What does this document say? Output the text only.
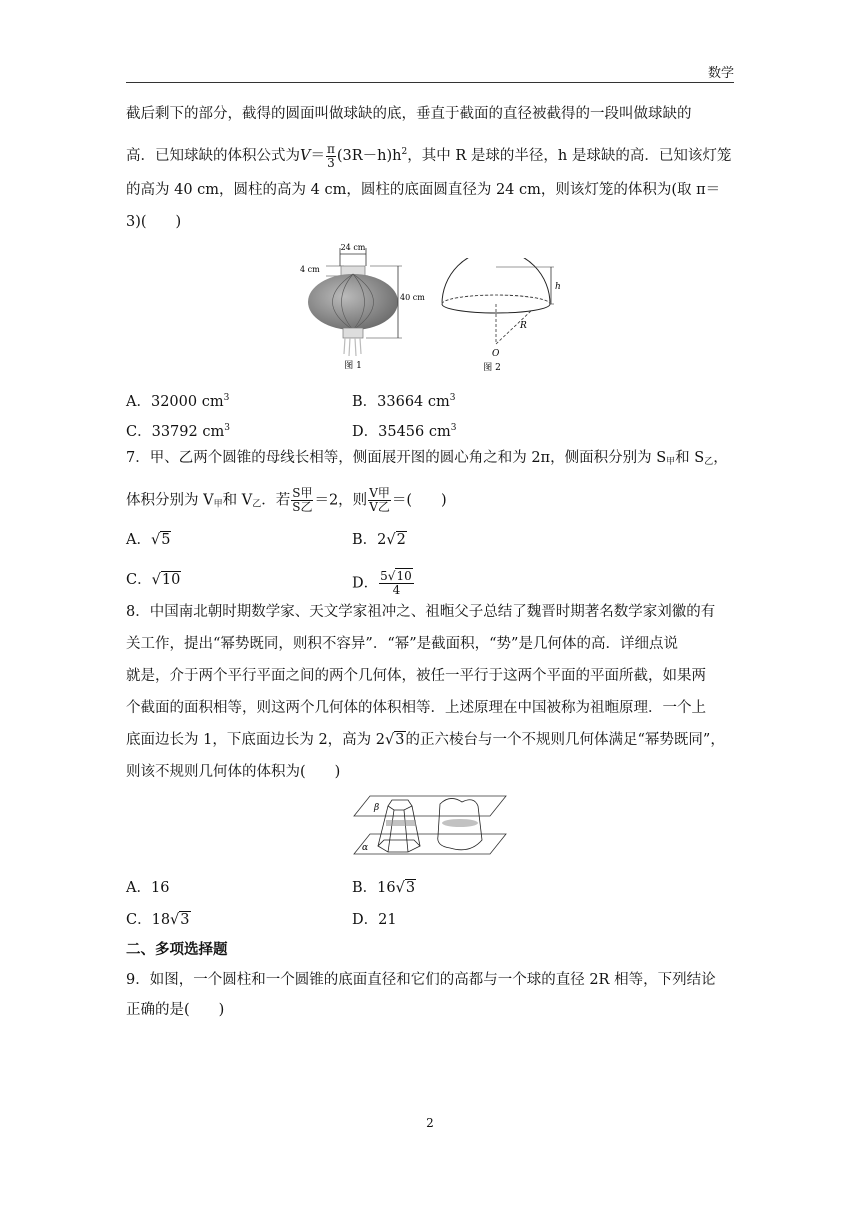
数学
截后剩下的部分，截得的圆面叫做球缺的底，垂直于截面的直径被截得的一段叫做球缺的
高．已知球缺的体积公式为$V= \frac{\pi}{3} (3R-h)h^2$，其中 R 是球的半径，h 是球缺的高．已知该灯笼
的高为 40 cm，圆柱的高为 4 cm，圆柱的底面圆直径为 24 cm，则该灯笼的体积为(取 π＝
3)(　　)
24 cm
4 cm
40 cm
图 1
h
R
O
图 2
A．32000 $cm^3$	B．33664 $cm^3$
C．33792 $cm^3$	D．35456 $cm^3$
7．甲、乙两个圆锥的母线长相等，侧面展开图的圆心角之和为 2π，侧面积分别为 $S_甲$和 $S_乙$，
体积分别为 $V_甲$和 $V_乙$．若 $\frac{\text{S甲}}{\text{S乙}} =2$，则 $\frac{\text{V甲}}{\text{V乙}}$ ＝(　　)
A．√5	B．2√2
C．√10	D． $\frac{5√10}{4}$
8．中国南北朝时期数学家、天文学家祖冲之、祖暅父子总结了魏晋时期著名数学家刘徽的有
关工作，提出“幂势既同，则积不容异”．“幂”是截面积，“势”是几何体的高．详细点说
就是，介于两个平行平面之间的两个几何体，被任一平行于这两个平面的平面所截，如果两
个截面的面积相等，则这两个几何体的体积相等．上述原理在中国被称为祖暅原理．一个上
底面边长为 1，下底面边长为 2，高为 2√3的正六棱台与一个不规则几何体满足“幂势既同”，
则该不规则几何体的体积为(　　)
β
α
A．16	B．16√3
C．18√3	D．21
二、多项选择题
9．如图，一个圆柱和一个圆锥的底面直径和它们的高都与一个球的直径 2R 相等，下列结论
正确的是(　　)
2
